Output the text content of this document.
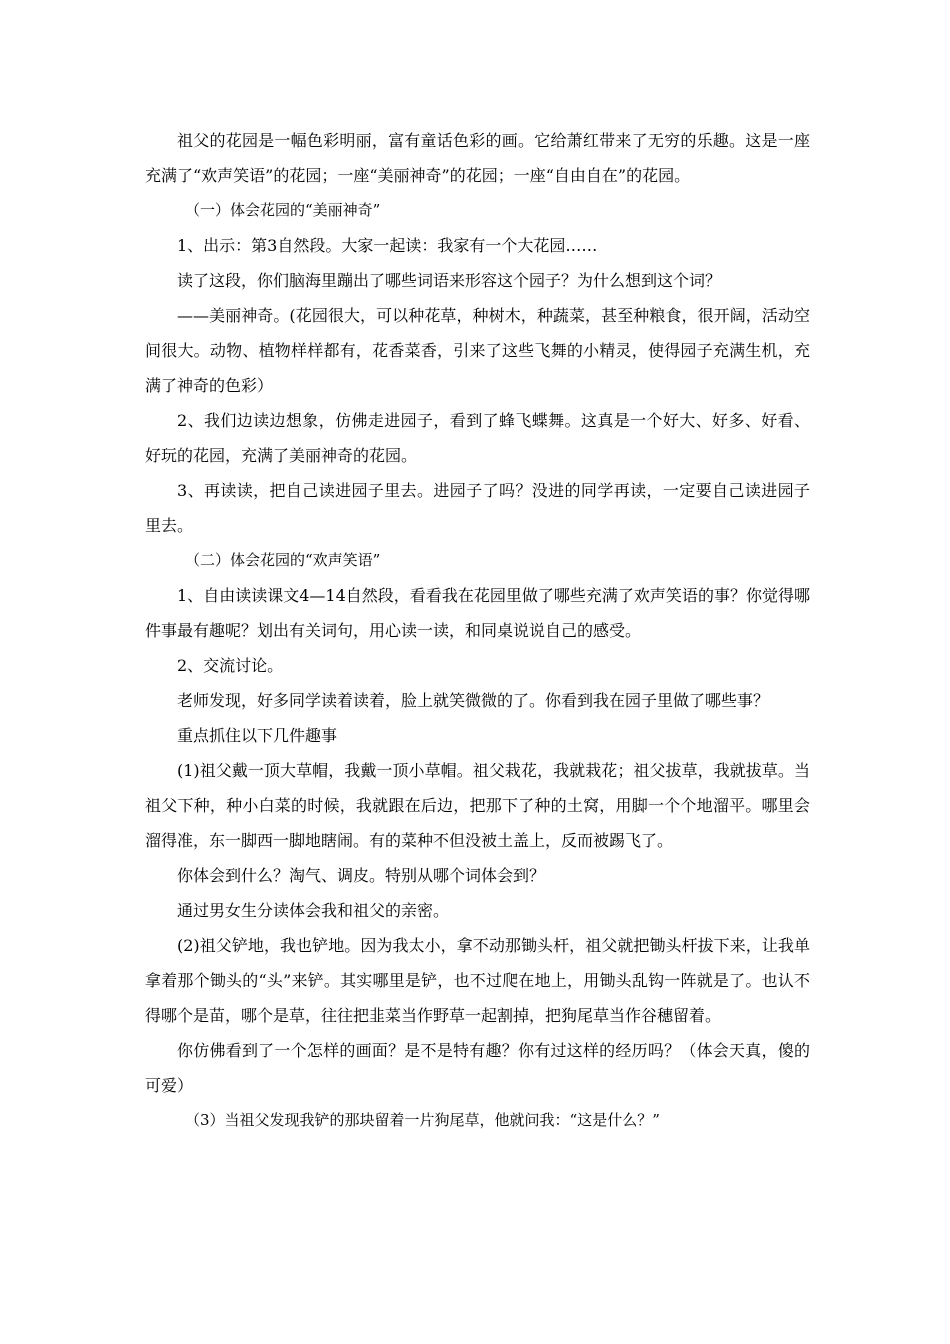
祖父的花园是一幅色彩明丽，富有童话色彩的画。它给萧红带来了无穷的乐趣。这是一座充满了“欢声笑语”的花园；一座“美丽神奇”的花园；一座“自由自在”的花园。

（一）体会花园的“美丽神奇”

1、出示：第3自然段。大家一起读：我家有一个大花园……

读了这段，你们脑海里蹦出了哪些词语来形容这个园子？为什么想到这个词？

——美丽神奇。(花园很大，可以种花草，种树木，种蔬菜，甚至种粮食，很开阔，活动空间很大。动物、植物样样都有，花香菜香，引来了这些飞舞的小精灵，使得园子充满生机，充满了神奇的色彩）

2、我们边读边想象，仿佛走进园子，看到了蜂飞蝶舞。这真是一个好大、好多、好看、好玩的花园，充满了美丽神奇的花园。

3、再读读，把自己读进园子里去。进园子了吗？没进的同学再读，一定要自己读进园子里去。

（二）体会花园的“欢声笑语”

1、自由读读课文4—14自然段，看看我在花园里做了哪些充满了欢声笑语的事？你觉得哪件事最有趣呢？划出有关词句，用心读一读，和同桌说说自己的感受。

2、交流讨论。

老师发现，好多同学读着读着，脸上就笑微微的了。你看到我在园子里做了哪些事？

重点抓住以下几件趣事

(1)祖父戴一顶大草帽，我戴一顶小草帽。祖父栽花，我就栽花；祖父拔草，我就拔草。当祖父下种，种小白菜的时候，我就跟在后边，把那下了种的土窝，用脚一个个地溜平。哪里会溜得准，东一脚西一脚地瞎闹。有的菜种不但没被土盖上，反而被踢飞了。

你体会到什么？淘气、调皮。特别从哪个词体会到？

通过男女生分读体会我和祖父的亲密。

(2)祖父铲地，我也铲地。因为我太小，拿不动那锄头杆，祖父就把锄头杆拔下来，让我单拿着那个锄头的“头”来铲。其实哪里是铲，也不过爬在地上，用锄头乱钩一阵就是了。也认不得哪个是苗，哪个是草，往往把韭菜当作野草一起割掉，把狗尾草当作谷穗留着。

你仿佛看到了一个怎样的画面？是不是特有趣？你有过这样的经历吗？（体会天真，傻的可爱）

（3）当祖父发现我铲的那块留着一片狗尾草，他就问我：“这是什么？”
